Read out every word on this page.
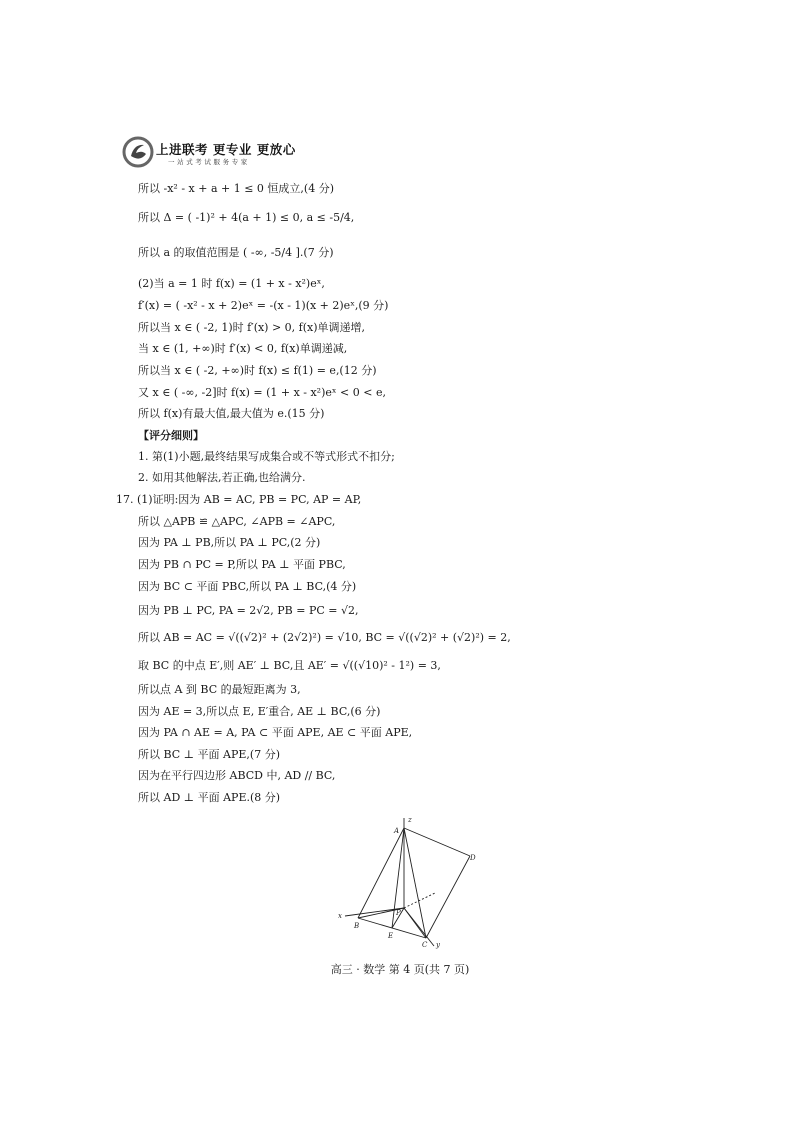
上进联考 更专业 更放心
一站式考试服务专家
所以 -x² - x + a + 1 ≤ 0 恒成立,(4 分)
所以 Δ = ( -1)² + 4(a + 1) ≤ 0, a ≤ -5/4,
所以 a 的取值范围是 ( -∞, -5/4 ].(7 分)
(2)当 a = 1 时 f(x) = (1 + x - x²)eˣ,
f′(x) = ( -x² - x + 2)eˣ = -(x - 1)(x + 2)eˣ,(9 分)
所以当 x ∈ ( -2, 1)时 f′(x) > 0, f(x)单调递增,
当 x ∈ (1, +∞)时 f′(x) < 0, f(x)单调递减,
所以当 x ∈ ( -2, +∞)时 f(x) ≤ f(1) = e,(12 分)
又 x ∈ ( -∞, -2]时 f(x) = (1 + x - x²)eˣ < 0 < e,
所以 f(x)有最大值,最大值为 e.(15 分)
【评分细则】
1. 第(1)小题,最终结果写成集合或不等式形式不扣分;
2. 如用其他解法,若正确,也给满分.
17. (1)证明:因为 AB = AC, PB = PC, AP = AP,
所以 △APB ≌ △APC, ∠APB = ∠APC,
因为 PA ⊥ PB,所以 PA ⊥ PC,(2 分)
因为 PB ∩ PC = P,所以 PA ⊥ 平面 PBC,
因为 BC ⊂ 平面 PBC,所以 PA ⊥ BC,(4 分)
因为 PB ⊥ PC, PA = 2√2, PB = PC = √2,
所以 AB = AC = √((√2)² + (2√2)²) = √10, BC = √((√2)² + (√2)²) = 2,
取 BC 的中点 E′,则 AE′ ⊥ BC,且 AE′ = √((√10)² - 1²) = 3,
所以点 A 到 BC 的最短距离为 3,
因为 AE = 3,所以点 E, E′重合, AE ⊥ BC,(6 分)
因为 PA ∩ AE = A, PA ⊂ 平面 APE, AE ⊂ 平面 APE,
所以 BC ⊥ 平面 APE,(7 分)
因为在平行四边形 ABCD 中, AD // BC,
所以 AD ⊥ 平面 APE.(8 分)
z
A
D
x	P
B
E
C y
高三 · 数学 第 4 页(共 7 页)
